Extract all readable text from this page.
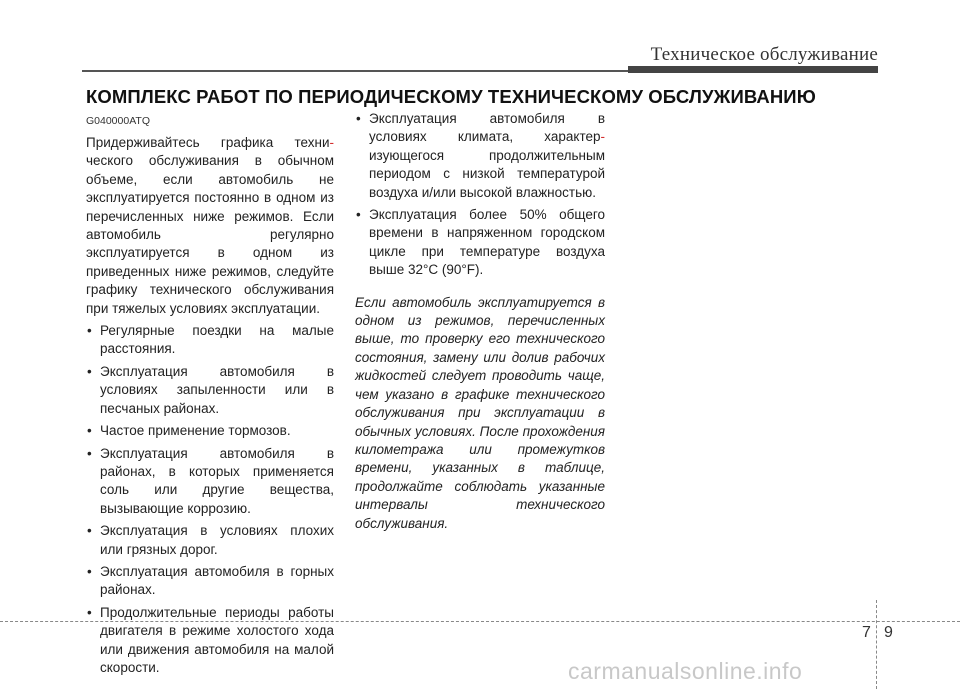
Техническое обслуживание
КОМПЛЕКС РАБОТ ПО ПЕРИОДИЧЕСКОМУ ТЕХНИЧЕСКОМУ ОБСЛУЖИВАНИЮ
G040000ATQ

Придерживайтесь графика техни-ческого обслуживания в обычном объеме, если автомобиль не эксплуатируется постоянно в одном из перечисленных ниже режимов. Если автомобиль регулярно эксплуатируется в одном из приведенных ниже режимов, следуйте графику технического обслуживания при тяжелых условиях эксплуатации.

• Регулярные поездки на малые расстояния.
• Эксплуатация автомобиля в условиях запыленности или в песчаных районах.
• Частое применение тормозов.
• Эксплуатация автомобиля в районах, в которых применяется соль или другие вещества, вызывающие коррозию.
• Эксплуатация в условиях плохих или грязных дорог.
• Эксплуатация автомобиля в горных районах.
• Продолжительные периоды работы двигателя в режиме холостого хода или движения автомобиля на малой скорости.
• Эксплуатация автомобиля в условиях климата, характер-изующегося продолжительным периодом с низкой температурой воздуха и/или высокой влажностью.
• Эксплуатация более 50% общего времени в напряженном городском цикле при температуре воздуха выше 32°C (90°F).

Если автомобиль эксплуатируется в одном из режимов, перечисленных выше, то проверку его технического состояния, замену или долив рабочих жидкостей следует проводить чаще, чем указано в графике технического обслуживания при эксплуатации в обычных условиях. После прохождения километража или промежутков времени, указанных в таблице, продолжайте соблюдать указанные интервалы технического обслуживания.

7 9
carmanualsonline.info
